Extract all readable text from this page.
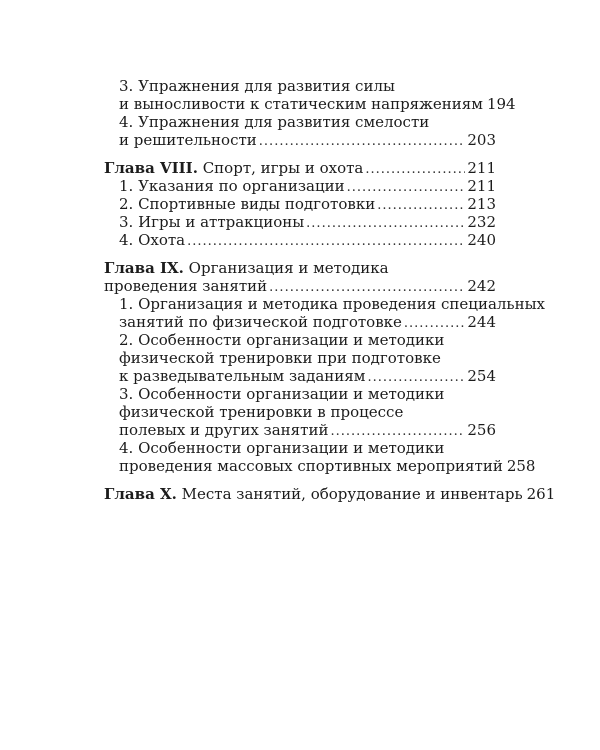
3. Упражнения для развития силы
и выносливости к статическим напряжениям 194
4. Упражнения для развития смелости
и решительности .....	203
Глава VIII. Спорт, игры и охота .....	211
1. Указания по организации .....	211
2. Спортивные виды подготовки .....	213
3. Игры и аттракционы .....	232
4. Охота .....	240
Глава IX. Организация и методика
проведения занятий .....	242
1. Организация и методика проведения специальных
занятий по физической подготовке .....	244
2. Особенности организации и методики
физической тренировки при подготовке
к разведывательным заданиям .....	254
3. Особенности организации и методики
физической тренировки в процессе
полевых и других занятий .....	256
4. Особенности организации и методики
проведения массовых спортивных мероприятий 258
Глава X. Места занятий, оборудование и инвентарь 261
